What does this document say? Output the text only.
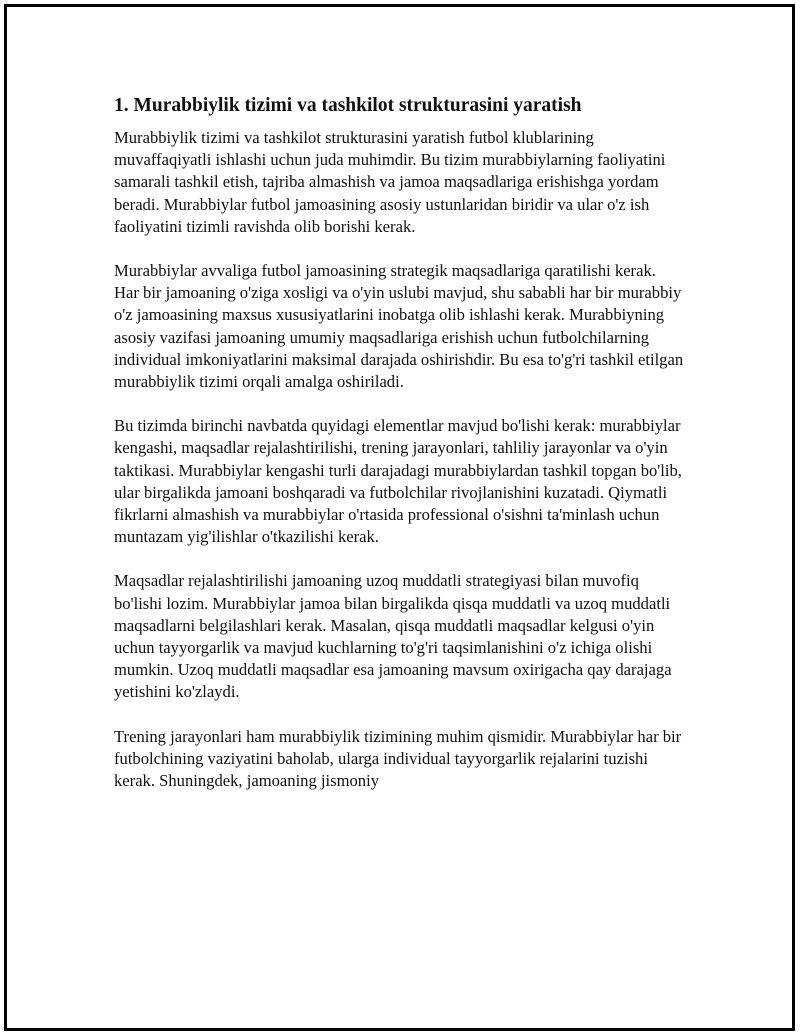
1. Murabbiylik tizimi va tashkilot strukturasini yaratish

Murabbiylik tizimi va tashkilot strukturasini yaratish futbol klublarining muvaffaqiyatli ishlashi uchun juda muhimdir. Bu tizim murabbiylarning faoliyatini samarali tashkil etish, tajriba almashish va jamoa maqsadlariga erishishga yordam beradi. Murabbiylar futbol jamoasining asosiy ustunlaridan biridir va ular o'z ish faoliyatini tizimli ravishda olib borishi kerak.

Murabbiylar avvaliga futbol jamoasining strategik maqsadlariga qaratilishi kerak. Har bir jamoaning o'ziga xosligi va o'yin uslubi mavjud, shu sababli har bir murabbiy o'z jamoasining maxsus xususiyatlarini inobatga olib ishlashi kerak. Murabbiyning asosiy vazifasi jamoaning umumiy maqsadlariga erishish uchun futbolchilarning individual imkoniyatlarini maksimal darajada oshirishdir. Bu esa to'g'ri tashkil etilgan murabbiylik tizimi orqali amalga oshiriladi.

Bu tizimda birinchi navbatda quyidagi elementlar mavjud bo'lishi kerak: murabbiylar kengashi, maqsadlar rejalashtirilishi, trening jarayonlari, tahliliy jarayonlar va o'yin taktikasi. Murabbiylar kengashi turli darajadagi murabbiylardan tashkil topgan bo'lib, ular birgalikda jamoani boshqaradi va futbolchilar rivojlanishini kuzatadi. Qiymatli fikrlarni almashish va murabbiylar o'rtasida professional o'sishni ta'minlash uchun muntazam yig'ilishlar o'tkazilishi kerak.

Maqsadlar rejalashtirilishi jamoaning uzoq muddatli strategiyasi bilan muvofiq bo'lishi lozim. Murabbiylar jamoa bilan birgalikda qisqa muddatli va uzoq muddatli maqsadlarni belgilashlari kerak. Masalan, qisqa muddatli maqsadlar kelgusi o'yin uchun tayyorgarlik va mavjud kuchlarning to'g'ri taqsimlanishini o'z ichiga olishi mumkin. Uzoq muddatli maqsadlar esa jamoaning mavsum oxirigacha qay darajaga yetishini ko'zlaydi.

Trening jarayonlari ham murabbiylik tizimining muhim qismidir. Murabbiylar har bir futbolchining vaziyatini baholab, ularga individual tayyorgarlik rejalarini tuzishi kerak. Shuningdek, jamoaning jismoniy
